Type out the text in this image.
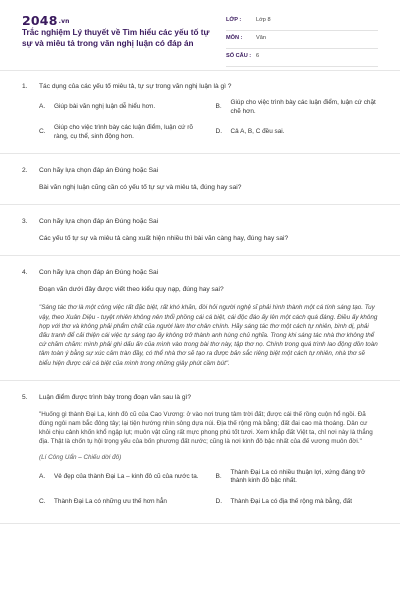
2048.vn
Trắc nghiệm Lý thuyết về Tìm hiểu các yếu tố tự sự và miêu tả trong văn nghị luận có đáp án
LỚP :	Lớp 8
MÔN : Văn
SỐ CÂU : 6
1.	Tác dụng của các yếu tố miêu tả, tự sự trong văn nghị luận là gì ?
A.	Giúp bài văn nghị luận dễ hiểu hơn.	B.
Giúp cho việc trình bày các luận điểm, luận cứ chặt chẽ hơn.
C.
Giúp cho việc trình bày các luận điểm, luận cứ rõ ràng, cụ thể, sinh động hơn.
D.	Cả A, B, C đều sai.
2.	Con hãy lựa chọn đáp án Đúng hoặc Sai
Bài văn nghị luận cũng cần có yếu tố tự sự và miêu tả, đúng hay sai?
3.	Con hãy lựa chọn đáp án Đúng hoặc Sai
Các yếu tố tự sự và miêu tả càng xuất hiện nhiều thì bài văn càng hay, đúng hay sai?
4.	Con hãy lựa chọn đáp án Đúng hoặc Sai
Đoạn văn dưới đây được viết theo kiểu quy nạp, đúng hay sai?
"Sáng tác thơ là một công việc rất đặc biệt, rất khó khăn, đòi hỏi người nghệ sĩ phải hình thành một cá tính sáng tạo. Tuy vậy, theo Xuân Diệu - tuyệt nhiên không nên thổi phồng cái cá biệt, cái độc đáo ấy lên một cách quá đáng. Điều ấy không hợp với thơ và không phải phẩm chất của người làm thơ chân chính. Hãy sáng tác thơ một cách tự nhiên, bình dị, phải đấu tranh để cải thiện cái việc tự sáng tạo ấy không trở thành anh hùng chủ nghĩa. Trong khi sáng tác nhà thơ không thể cứ chăm chăm: mình phải ghi dấu ấn của mình vào trong bài thơ này, tập thơ nọ. Chính trong quá trình lao động dồn toàn tâm toàn ý bằng sự xúc cảm tràn đầy, có thể nhà thơ sẽ tạo ra được bản sắc riêng biệt một cách tự nhiên, nhà thơ sẽ biểu hiện được cái cá biệt của mình trong những giây phút cầm bút".
5.	Luận điểm được trình bày trong đoạn văn sau là gì?
"Huống gì thành Đại La, kinh đô cũ của Cao Vương: ở vào nơi trung tâm trời đất; được cái thế rồng cuộn hổ ngồi. Đã đúng ngôi nam bắc đông tây; lại tiện hướng nhìn sông dựa núi. Địa thế rộng mà bằng; đất đai cao mà thoáng. Dân cư khỏi chịu cảnh khốn khổ ngập lụt; muôn vật cũng rất mực phong phú tốt tươi. Xem khắp đất Việt ta, chỉ nơi này là thắng địa. Thật là chốn tụ hội trọng yếu của bốn phương đất nước; cũng là nơi kinh đô bậc nhất của đế vương muôn đời."
(Lí Công Uẩn – Chiếu dời đô)
A.	Vẻ đẹp của thành Đại La – kinh đô cũ của nước ta.	B.
Thành Đại La có nhiều thuận lợi, xứng đáng trở thành kinh đô bậc nhất.
C.	Thành Đại La có những ưu thế hơn hẳn	D.	Thành Đại La có địa thế rộng mà bằng, đất
